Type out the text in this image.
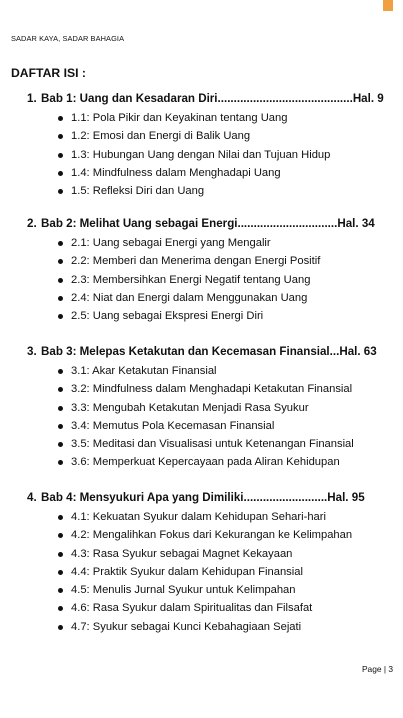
SADAR KAYA, SADAR BAHAGIA
DAFTAR ISI :
1. Bab 1: Uang dan Kesadaran Diri..........................................Hal. 9
1.1: Pola Pikir dan Keyakinan tentang Uang
1.2: Emosi dan Energi di Balik Uang
1.3: Hubungan Uang dengan Nilai dan Tujuan Hidup
1.4: Mindfulness dalam Menghadapi Uang
1.5: Refleksi Diri dan Uang
2. Bab 2: Melihat Uang sebagai Energi...............................Hal. 34
2.1: Uang sebagai Energi yang Mengalir
2.2: Memberi dan Menerima dengan Energi Positif
2.3: Membersihkan Energi Negatif tentang Uang
2.4: Niat dan Energi dalam Menggunakan Uang
2.5: Uang sebagai Ekspresi Energi Diri
3. Bab 3: Melepas Ketakutan dan Kecemasan Finansial...Hal. 63
3.1: Akar Ketakutan Finansial
3.2: Mindfulness dalam Menghadapi Ketakutan Finansial
3.3: Mengubah Ketakutan Menjadi Rasa Syukur
3.4: Memutus Pola Kecemasan Finansial
3.5: Meditasi dan Visualisasi untuk Ketenangan Finansial
3.6: Memperkuat Kepercayaan pada Aliran Kehidupan
4. Bab 4: Mensyukuri Apa yang Dimiliki..........................Hal. 95
4.1: Kekuatan Syukur dalam Kehidupan Sehari-hari
4.2: Mengalihkan Fokus dari Kekurangan ke Kelimpahan
4.3: Rasa Syukur sebagai Magnet Kekayaan
4.4: Praktik Syukur dalam Kehidupan Finansial
4.5: Menulis Jurnal Syukur untuk Kelimpahan
4.6: Rasa Syukur dalam Spiritualitas dan Filsafat
4.7: Syukur sebagai Kunci Kebahagiaan Sejati
Page | 3
